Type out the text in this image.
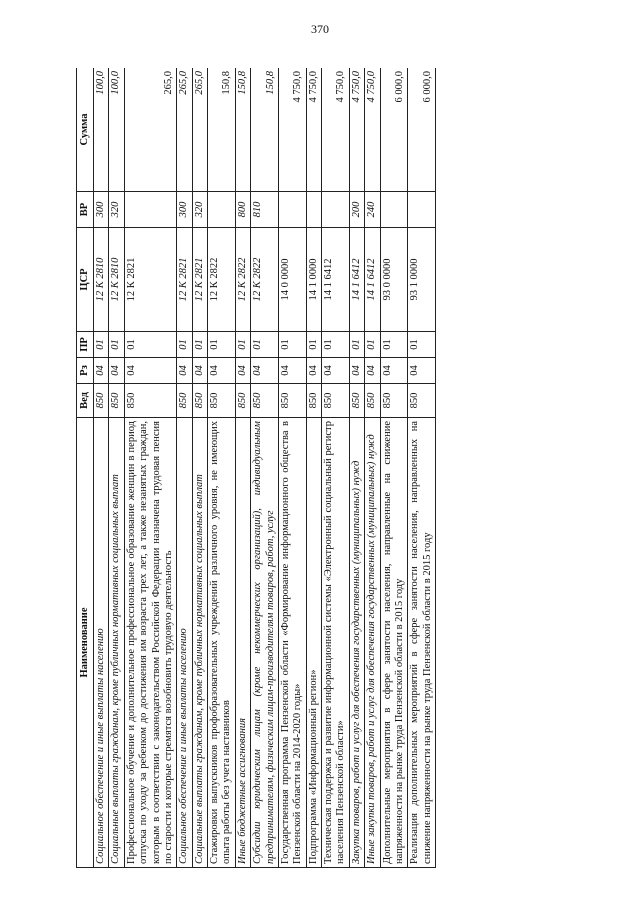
370
Наименование	Вед	Рз	ПР	ЦСР	ВР	Сумма
Социальное обеспечение и иные выплаты населению	850	04	01	12 К 2810	300	100,0
Социальные выплаты гражданам, кроме публичных нормативных социальных выплат	850	04	01	12 К 2810	320	100,0
Профессиональное обучение и дополнительное профессиональное образование женщин в период отпуска по уходу за ребенком до достижения им возраста трех лет, а также незанятых граждан, которым в соответствии с законодательством Российской Федерации назначена трудовая пенсия по старости и которые стремятся возобновить трудовую деятельность	850	04	01	12 К 2821		265,0
Социальное обеспечение и иные выплаты населению	850	04	01	12 К 2821	300	265,0
Социальные выплаты гражданам, кроме публичных нормативных социальных выплат	850	04	01	12 К 2821	320	265,0
Стажировки выпускников профобразовательных учреждений различного уровня, не имеющих опыта работы без учета наставников	850	04	01	12 К 2822		150,8
Иные бюджетные ассигнования	850	04	01	12 К 2822	800	150,8
Субсидии юридическим лицам (кроме некоммерческих организаций), индивидуальным предпринимателям, физическим лицам-производителям товаров, работ, услуг	850	04	01	12 К 2822	810	150,8
Государственная программа Пензенской области «Формирование информационного общества в Пензенской области на 2014-2020 годы»	850	04	01	14 0 0000		4 750,0
Подпрограмма «Информационный регион»	850	04	01	14 1 0000		4 750,0
Техническая поддержка и развитие информационной системы «Электронный социальный регистр населения Пензенской области»	850	04	01	14 1 6412		4 750,0
Закупка товаров, работ и услуг для обеспечения государственных (муниципальных) нужд	850	04	01	14 1 6412	200	4 750,0
Иные закупки товаров, работ и услуг для обеспечения государственных (муниципальных) нужд	850	04	01	14 1 6412	240	4 750,0
Дополнительные мероприятия в сфере занятости населения, направленные на снижение напряженности на рынке труда Пензенской области в 2015 году	850	04	01	93 0 0000		6 000,0
Реализация дополнительных мероприятий в сфере занятости населения, направленных на снижение напряженности на рынке труда Пензенской области в 2015 году	850	04	01	93 1 0000		6 000,0
